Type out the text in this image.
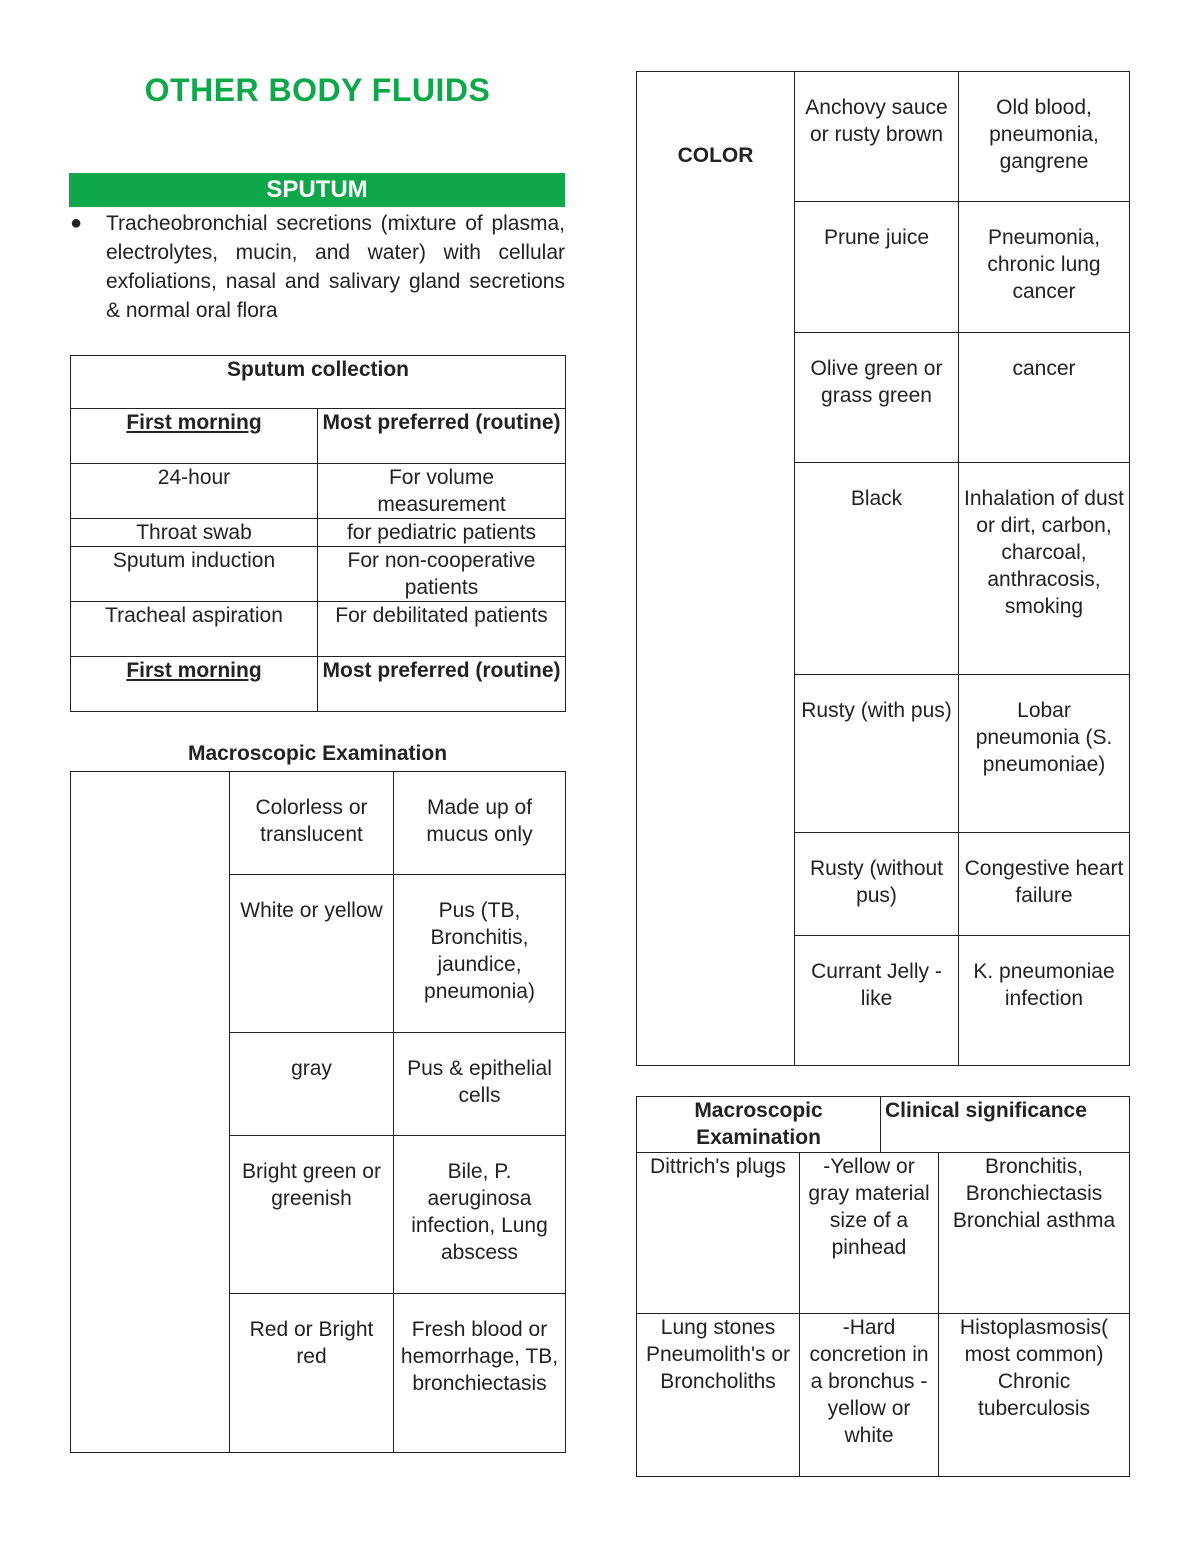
OTHER BODY FLUIDS
SPUTUM
●	Tracheobronchial secretions (mixture of plasma, electrolytes, mucin, and water) with cellular exfoliations, nasal and salivary gland secretions & normal oral flora
Sputum collection	
First morning	Most preferred (routine)
24-hour	For volume measurement
Throat swab	for pediatric patients
Sputum induction	For non-cooperative patients
Tracheal aspiration	For debilitated patients
First morning	Most preferred (routine)
Macroscopic Examination
	Colorless or translucent	Made up of mucus only
	White or yellow	Pus (TB, Bronchitis, jaundice, pneumonia)
	gray	Pus & epithelial cells
	Bright green or greenish	Bile, P. aeruginosa infection, Lung abscess
	Red or Bright red	Fresh blood or hemorrhage, TB, bronchiectasis
COLOR	Anchovy sauce or rusty brown	Old blood, pneumonia, gangrene
	Prune juice	Pneumonia, chronic lung cancer
	Olive green or grass green	cancer
	Black	Inhalation of dust or dirt, carbon, charcoal, anthracosis, smoking
	Rusty (with pus)	Lobar pneumonia (S. pneumoniae)
	Rusty (without pus)	Congestive heart failure
	Currant Jelly -like	K. pneumoniae infection
Macroscopic Examination		Clinical significance	
Dittrich's plugs	-Yellow or gray material size of a pinhead		Bronchitis, Bronchiectasis Bronchial asthma
Lung stones Pneumolith's or Broncholiths	-Hard concretion in a bronchus -yellow or white		Histoplasmosis( most common) Chronic tuberculosis
